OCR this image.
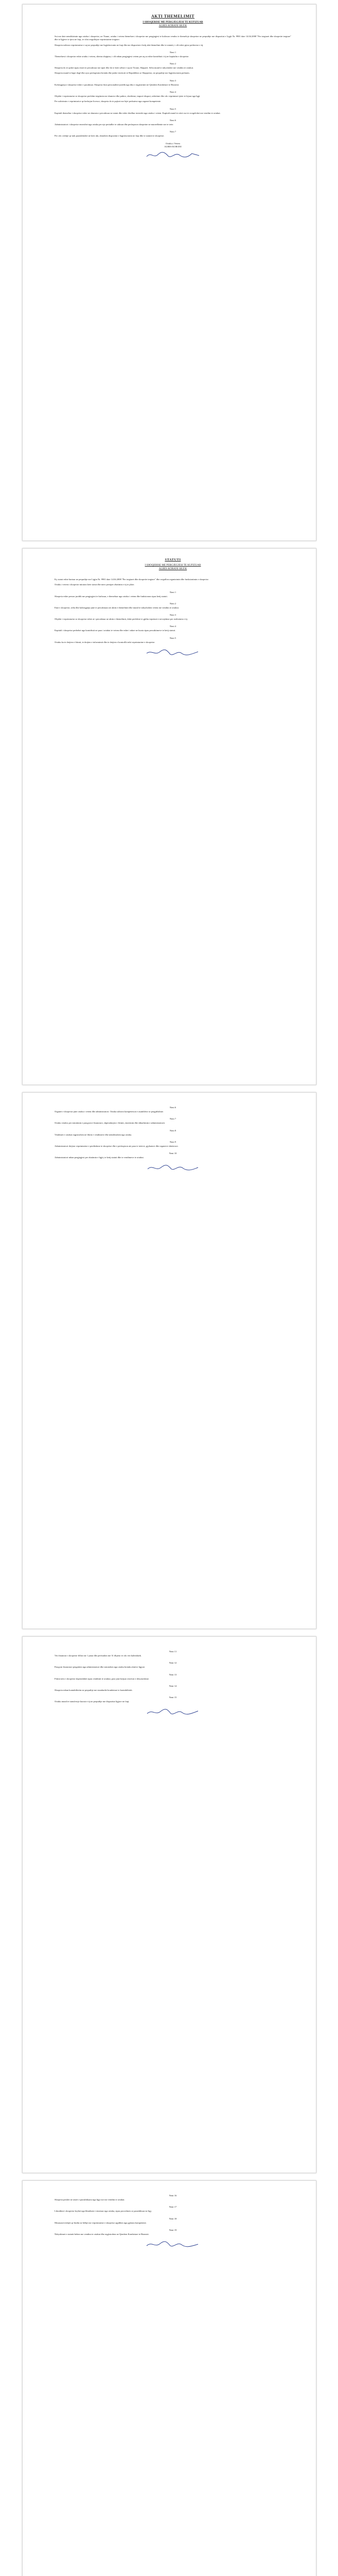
AKTI THEMELIMIT
I SHOQERISE ME PERGJEGJESI TE KUFIZUAR
ALBES KORANI SH.P.K

Sot me date nenshkrimin nga ortaku i shoqerise, ne Tirane, ortaku i vetem themelues i shoqerise me pergjegjesi te kufizuar vendos te themeloje shoqerine ne perputhje me dispozitat e Ligjit Nr. 9901 date 14.04.2008 "Per tregtaret dhe shoqerite tregtare" dhe te ligjeve te tjera ne fuqi, te cilat rregullojne veprimtarine tregtare.

Shoqeria ushtron veprimtarine e saj ne perputhje me legjislacionin ne fuqi dhe me dispozitat e ketij akti themelimi dhe te statutit, i cili eshte pjese perberese e tij.

Neni 1

Themeluesi i shoqerise eshte ortaku i vetem, shtetas shqiptar, i cili mban pergjegjesi vetem per aq sa eshte kontributi i tij ne kapitalin e shoqerise.

Neni 2

Shoqeria do te quhet sipas emrit te percaktuar me siper dhe do te kete seline e saj ne Tirane, Shqiperi. Selia mund te ndryshohet me vendim te ortakut.

Shoqeria mund te hape degë dhe zyra perfaqesimi brenda dhe jashte territorit te Republikes se Shqiperise, ne perputhje me legjislacionin perkates.

Neni 3

Kohezgjatja e shoqerise eshte e pacaktuar. Shoqeria fiton personalitet juridik nga dita e regjistrimit ne Qendren Kombetare te Biznesit.

Neni 4

Objekti i veprimtarise se shoqerise perfshin tregtimin me shumice dhe pakice, sherbime, import-eksport, ndertime dhe cdo veprimtari tjeter te lejuar nga ligji.

Per ushtrimin e veprimtarive qe kerkojne licence, shoqeria do te pajiset me lejet perkatese nga organet kompetente.

Neni 5

Kapitali themeltar i shoqerise eshte ne shumen e percaktuar ne statut dhe eshte derdhur teresisht nga ortaku i vetem. Kapitali mund te rritet ose te zvogelohet me vendim te ortakut.

Neni 6

Administratori i shoqerise emerohet nga ortaku per nje periudhe te caktuar dhe perfaqeson shoqerine ne marredhenie me te trete.

Neni 7

Per cdo ceshtje qe nuk parashikohet ne kete akt, zbatohen dispozitat e legjislacionin ne fuqi dhe te statutit te shoqerise.

Ortaku i Vetem
ALBES KORANI
STATUTI
I SHOQERISE ME PERGJEGJESI TE KUFIZUAR
ALBES KORANI SH.P.K

Ky statut eshte hartuar ne perputhje me Ligjin Nr. 9901 date 14.04.2008 "Per tregtaret dhe shoqerite tregtare" dhe rregullon organizimin dhe funksionimin e shoqerise.

Ortaku i vetem i shoqerise miraton kete statut dhe merr persiper zbatimin e tij te plote.

Neni 1

Shoqeria eshte person juridik me pergjegjesi te kufizuar, e themeluar nga ortaku i vetem dhe funksionon sipas ketij statuti.

Neni 2

Emri i shoqerise, selia dhe kohezgjatja jane te percaktuara ne aktin e themelimit dhe mund te ndryshohen vetem me vendim te ortakut.

Neni 3

Objekti i veprimtarise se shoqerise eshte ai i percaktuar ne aktin e themelimit, duke perfshire te gjitha veprimet e nevojshme per realizimin e tij.

Neni 4

Kapitali i shoqerise perbehet nga kontributi ne para i ortakut te vetem dhe eshte i ndare ne kuota sipas percaktimeve te ketij statuti.

Neni 5

Ortaku ka te drejten e fitimit, te drejten e informimit dhe te drejten e kontrollit mbi veprimtarine e shoqerise.

Neni 6

Organet e shoqerise jane ortaku i vetem dhe administratori. Ortaku ushtron kompetencat e asamblese se pergjithshme.

Neni 7

Ortaku vendos per miratimin e pasqyrave financiare, shperndarjen e fitimit, emerimin dhe shkarkimin e administratorit.

Neni 8

Vendimet e ortakut regjistrohen ne librin e vendimeve dhe nenshkruhen nga ortaku.

Neni 9

Administratori drejton veprimtarine e perditshme te shoqerise dhe e perfaqeson ate para te treteve, gjykatave dhe organeve shteterore.

Neni 10

Administratori mban pergjegjesi per zbatimin e ligjit, te ketij statuti dhe te vendimeve te ortakut.

Neni 11

Viti financiar i shoqerise fillon me 1 janar dhe perfundon me 31 dhjetor te cdo viti kalendarik.

Neni 12

Pasqyrat financiare pergatiten nga administratori dhe miratohen nga ortaku brenda afateve ligjore.

Neni 13

Fitimi neto i shoqerise shperndahet sipas vendimit te ortakut, pasi jane krijuar rezervat e detyrueshme.

Neni 14

Shoqeria mban kontabilitetin ne perputhje me standardet kombetare te kontabilitetit.

Neni 15

Ortaku mund te transferoje kuotat e tij ne perputhje me dispozitat ligjore ne fuqi.

Neni 16

Shoqeria prishet ne rastet e parashikuara nga ligji ose me vendim te ortakut.

Neni 17

Likuidimi i shoqerise kryhet nga likuiduesi i emeruar nga ortaku, sipas procedures se parashikuar ne ligj.

Neni 18

Mosmarreveshjet qe lindin ne lidhje me veprimtarine e shoqerise zgjidhen nga gjykata kompetente.

Neni 19

Ndryshimet e statutit behen me vendim te ortakut dhe regjistrohen ne Qendren Kombetare te Biznesit.
